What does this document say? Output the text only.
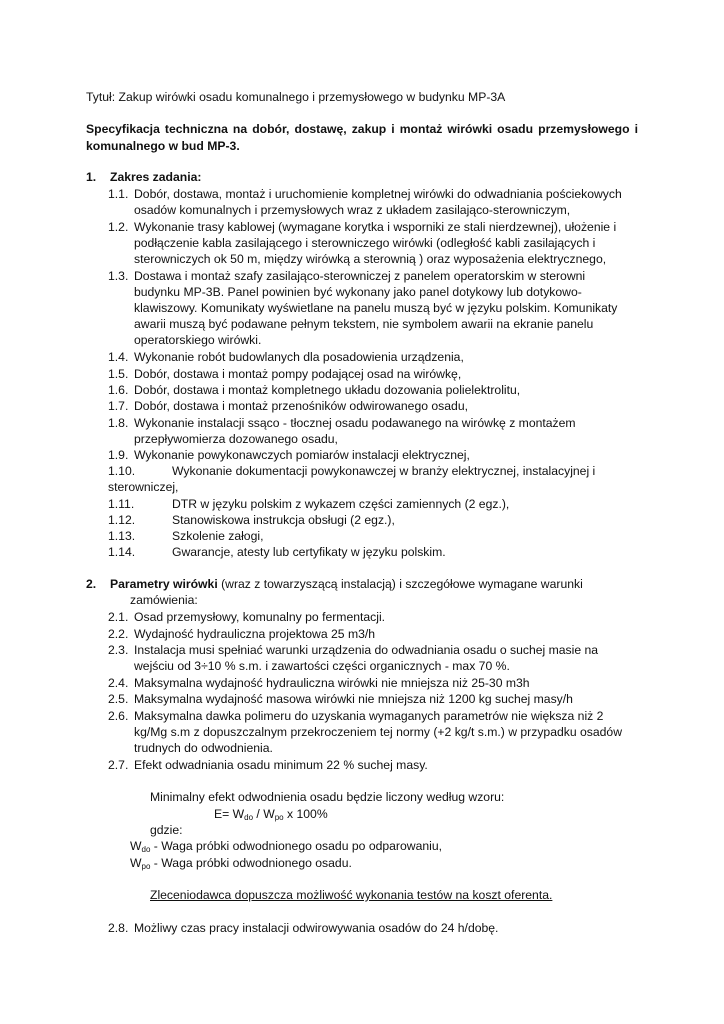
Tytuł: Zakup wirówki osadu komunalnego i przemysłowego w budynku MP-3A
Specyfikacja techniczna na dobór, dostawę, zakup i montaż wirówki osadu przemysłowego i
komunalnego w bud MP-3.
1. Zakres zadania:
1.1. Dobór, dostawa, montaż i uruchomienie kompletnej wirówki do odwadniania pościekowych
osadów komunalnych i przemysłowych wraz z układem zasilająco-sterowniczym,
1.2. Wykonanie trasy kablowej (wymagane korytka i wsporniki ze stali nierdzewnej), ułożenie i
podłączenie kabla zasilającego i sterowniczego wirówki (odległość kabli zasilających i
sterowniczych ok 50 m, między wirówką a sterownią ) oraz wyposażenia elektrycznego,
1.3. Dostawa i montaż szafy zasilająco-sterowniczej z panelem operatorskim w sterowni
budynku MP-3B. Panel powinien być wykonany jako panel dotykowy lub dotykowo-
klawiszowy. Komunikaty wyświetlane na panelu muszą być w języku polskim. Komunikaty
awarii muszą być podawane pełnym tekstem, nie symbolem awarii na ekranie panelu
operatorskiego wirówki.
1.4. Wykonanie robót budowlanych dla posadowienia urządzenia,
1.5. Dobór, dostawa i montaż pompy podającej osad na wirówkę,
1.6. Dobór, dostawa i montaż kompletnego układu dozowania polielektrolitu,
1.7. Dobór, dostawa i montaż przenośników odwirowanego osadu,
1.8. Wykonanie instalacji ssąco - tłocznej osadu podawanego na wirówkę z montażem
przepływomierza dozowanego osadu,
1.9. Wykonanie powykonawczych pomiarów instalacji elektrycznej,
1.10.	Wykonanie dokumentacji powykonawczej w branży elektrycznej, instalacyjnej i
sterowniczej,
1.11.	DTR w języku polskim z wykazem części zamiennych (2 egz.),
1.12.	Stanowiskowa instrukcja obsługi (2 egz.),
1.13.	Szkolenie załogi,
1.14.	Gwarancje, atesty lub certyfikaty w języku polskim.
2. Parametry wirówki (wraz z towarzyszącą instalacją) i szczegółowe wymagane warunki
zamówienia:
2.1. Osad przemysłowy, komunalny po fermentacji.
2.2. Wydajność hydrauliczna projektowa 25 m3/h
2.3. Instalacja musi spełniać warunki urządzenia do odwadniania osadu o suchej masie na
wejściu od 3÷10 % s.m. i zawartości części organicznych - max 70 %.
2.4. Maksymalna wydajność hydrauliczna wirówki nie mniejsza niż 25-30 m3h
2.5. Maksymalna wydajność masowa wirówki nie mniejsza niż 1200 kg suchej masy/h
2.6. Maksymalna dawka polimeru do uzyskania wymaganych parametrów nie większa niż 2
kg/Mg s.m z dopuszczalnym przekroczeniem tej normy (+2 kg/t s.m.) w przypadku osadów
trudnych do odwodnienia.
2.7. Efekt odwadniania osadu minimum 22 % suchej masy.
Minimalny efekt odwodnienia osadu będzie liczony według wzoru:
$E= W_{do} / W_{po}$ x 100%
gdzie:
$W_{do}$ - Waga próbki odwodnionego osadu po odparowaniu,
$W_{po}$ - Waga próbki odwodnionego osadu.
Zleceniodawca dopuszcza możliwość wykonania testów na koszt oferenta.
2.8. Możliwy czas pracy instalacji odwirowywania osadów do 24 h/dobę.
